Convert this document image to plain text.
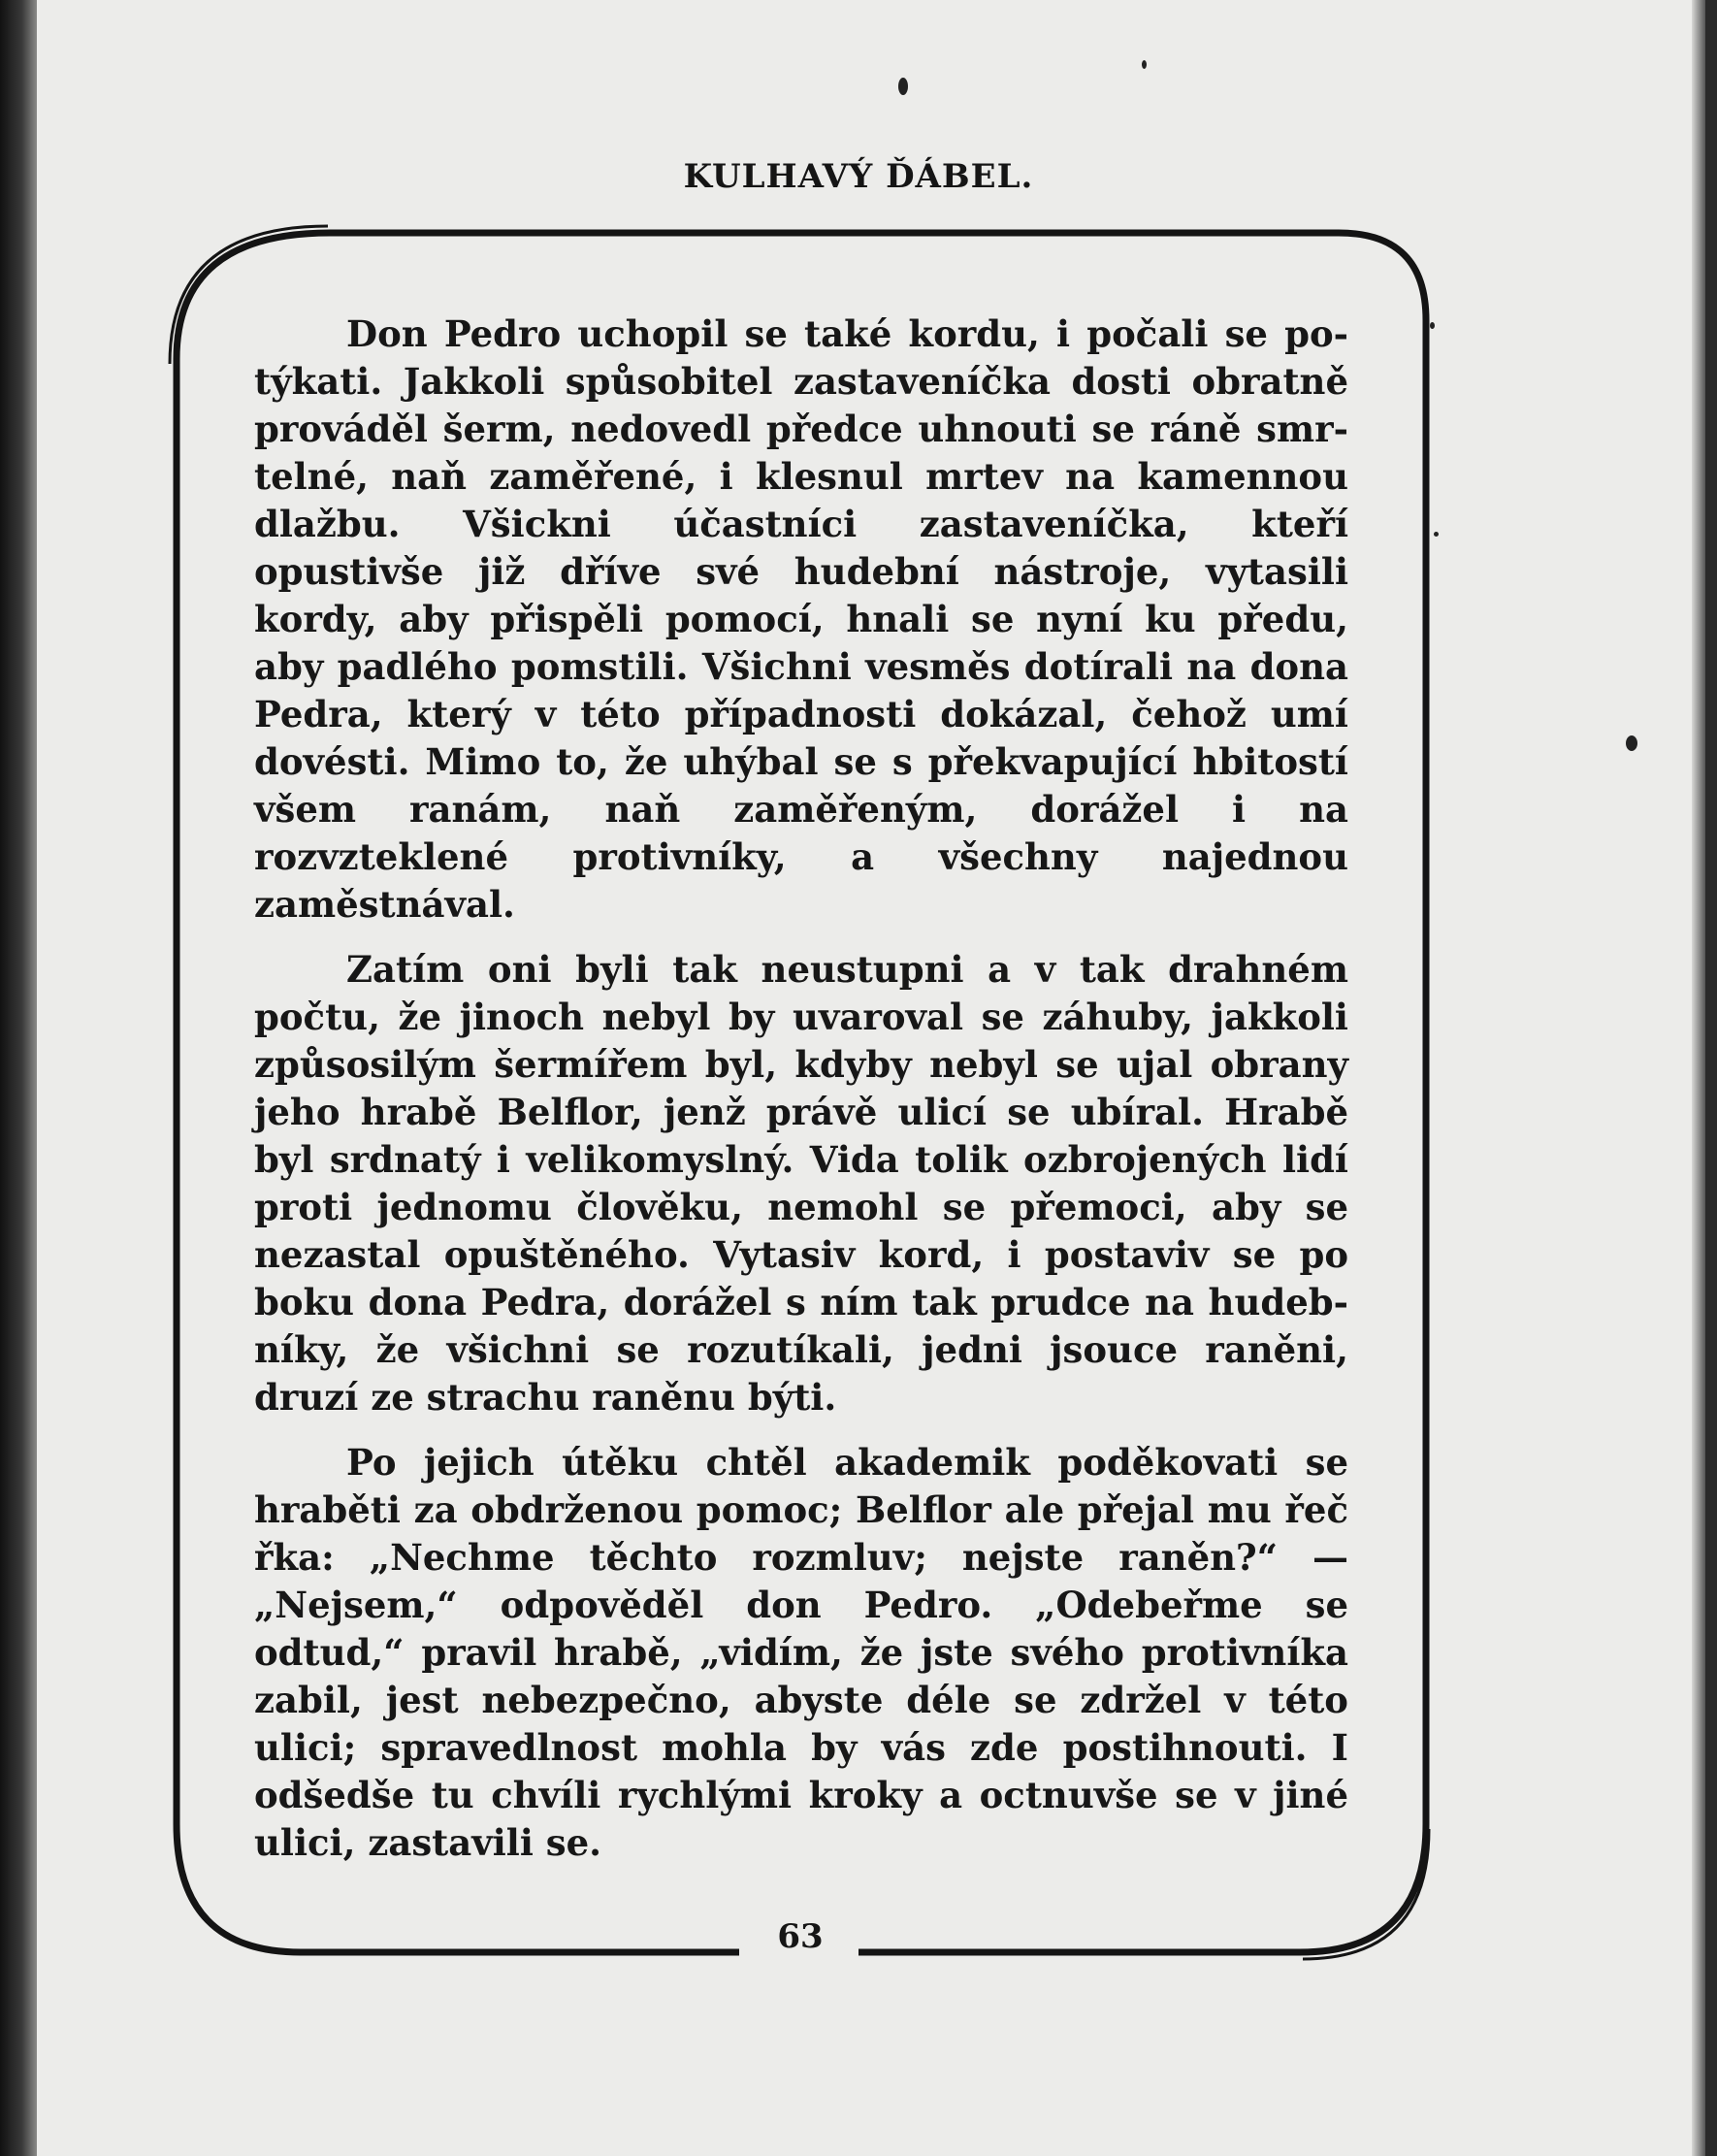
KULHAVÝ ĎÁBEL.

Don Pedro uchopil se také kordu, i počali se potýkati. Jakkoli spůsobitel zastaveníčka dosti obratně prováděl šerm, nedovedl předce uhnouti se ráně smrtelné, naň zaměřené, i klesnul mrtev na kamennou dlažbu. Všickni účastníci zastaveníčka, kteří opustivše již dříve své hudební nástroje, vytasili kordy, aby přispěli pomocí, hnali se nyní ku předu, aby padlého pomstili. Všichni vesměs dotírali na dona Pedra, který v této případnosti dokázal, čehož umí dovésti. Mimo to, že uhýbal se s překvapující hbitostí všem ranám, naň zaměřeným, dorážel i na rozvzteklené protivníky, a všechny najednou zaměstnával.

Zatím oni byli tak neustupni a v tak drahném počtu, že jinoch nebyl by uvaroval se záhuby, jakkoli způsosilým šermířem byl, kdyby nebyl se ujal obrany jeho hrabě Belflor, jenž právě ulicí se ubíral. Hrabě byl srdnatý i velikomyslný. Vida tolik ozbrojených lidí proti jednomu člověku, nemohl se přemoci, aby se nezastal opuštěného. Vytasiv kord, i postaviv se po boku dona Pedra, dorážel s ním tak prudce na hudebníky, že všichni se rozutíkali, jedni jsouce raněni, druzí ze strachu raněnu býti.

Po jejich útěku chtěl akademik poděkovati se hraběti za obdrženou pomoc; Belflor ale přejal mu řeč řka: „Nechme těchto rozmluv; nejste raněn?“ — „Nejsem,“ odpověděl don Pedro. „Odebeřme se odtud,“ pravil hrabě, „vidím, že jste svého protivníka zabil, jest nebezpečno, abyste déle se zdržel v této ulici; spravedlnost mohla by vás zde postihnouti. I odšedše tu chvíli rychlými kroky a octnuvše se v jiné ulici, zastavili se.

63
